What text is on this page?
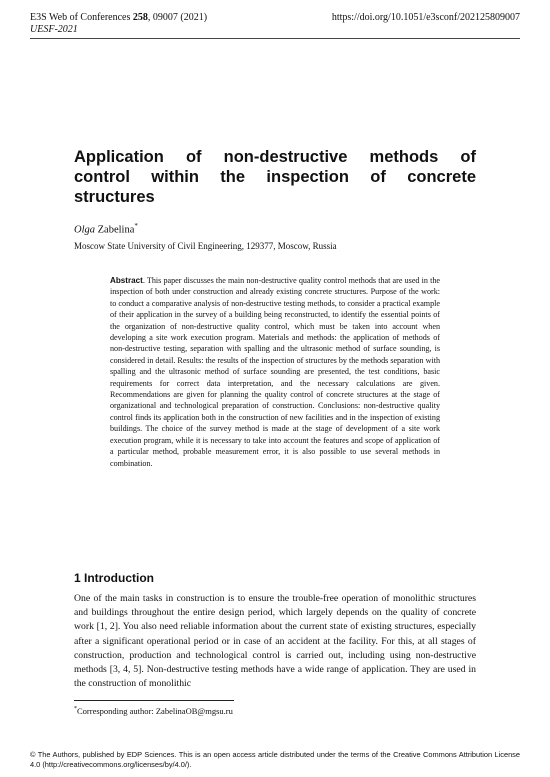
E3S Web of Conferences 258, 09007 (2021)	https://doi.org/10.1051/e3sconf/202125809007
UESF-2021
Application of non-destructive methods of
control within the inspection of concrete
structures
Olga Zabelina*
Moscow State University of Civil Engineering, 129377, Moscow, Russia
Abstract. This paper discusses the main non-destructive quality control methods that are used in the inspection of both under construction and already existing concrete structures. Purpose of the work: to conduct a comparative analysis of non-destructive testing methods, to consider a practical example of their application in the survey of a building being reconstructed, to identify the essential points of the organization of non-destructive quality control, which must be taken into account when developing a site work execution program. Materials and methods: the application of methods of non-destructive testing, separation with spalling and the ultrasonic method of surface sounding, is considered in detail. Results: the results of the inspection of structures by the methods separation with spalling and the ultrasonic method of surface sounding are presented, the test conditions, basic requirements for correct data interpretation, and the necessary calculations are given. Recommendations are given for planning the quality control of concrete structures at the stage of organizational and technological preparation of construction. Conclusions: non-destructive quality control finds its application both in the construction of new facilities and in the inspection of existing buildings. The choice of the survey method is made at the stage of development of a site work execution program, while it is necessary to take into account the features and scope of application of a particular method, probable measurement error, it is also possible to use several methods in combination.
1 Introduction
One of the main tasks in construction is to ensure the trouble-free operation of monolithic structures and buildings throughout the entire design period, which largely depends on the quality of concrete work [1, 2]. You also need reliable information about the current state of existing structures, especially after a significant operational period or in case of an accident at the facility. For this, at all stages of construction, production and technological control is carried out, including using non-destructive methods [3, 4, 5]. Non-destructive testing methods have a wide range of application. They are used in the construction of monolithic
*Corresponding author: ZabelinaOB@mgsu.ru
© The Authors, published by EDP Sciences. This is an open access article distributed under the terms of the Creative Commons Attribution License 4.0 (http://creativecommons.org/licenses/by/4.0/).
